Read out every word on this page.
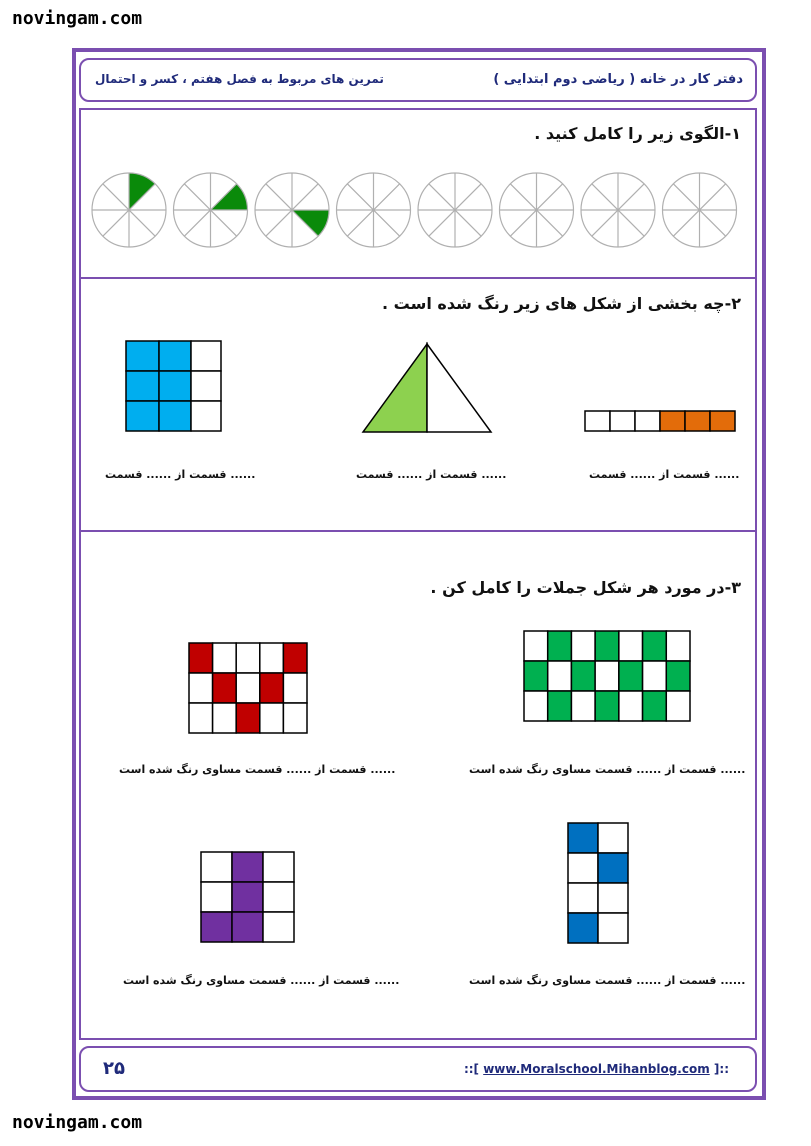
novingam.com
دفتر کار در خانه ( ریاضی دوم ابتدایی )
تمرین های مربوط به فصل هفتم ، کسر و احتمال
۱-الگوی زیر را کامل کنید .
۲-چه بخشی از شکل های زیر رنگ شده است .
...... قسمت از ...... قسمت	...... قسمت از ...... قسمت	...... قسمت از ...... قسمت
۳-در مورد هر شکل جملات را کامل کن .
...... قسمت از ...... قسمت مساوی رنگ شده است	...... قسمت از ...... قسمت مساوی رنگ شده است
...... قسمت از ...... قسمت مساوی رنگ شده است	...... قسمت از ...... قسمت مساوی رنگ شده است
۲۵	::[ www.Moralschool.Mihanblog.com ]::
novingam.com
